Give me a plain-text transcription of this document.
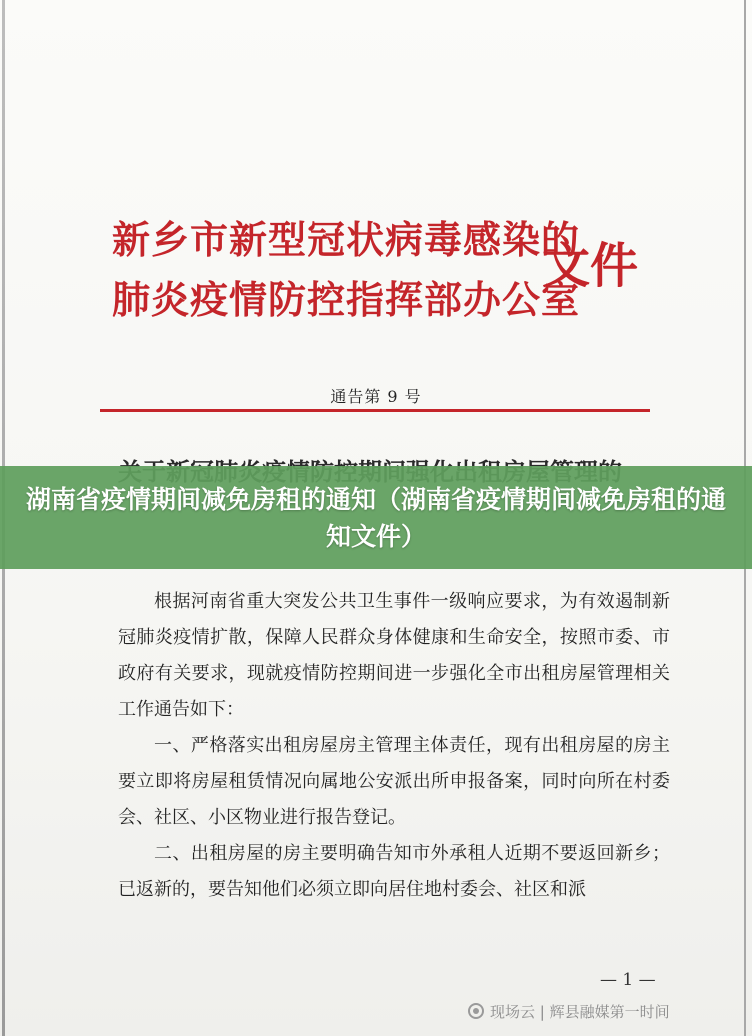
新乡市新型冠状病毒感染的
肺炎疫情防控指挥部办公室
文件
通告第 9 号
湖南省疫情期间减免房租的通知（湖南省疫情期间减免房租的通知文件）

根据河南省重大突发公共卫生事件一级响应要求，为有效遏制新冠肺炎疫情扩散，保障人民群众身体健康和生命安全，按照市委、市政府有关要求，现就疫情防控期间进一步强化全市出租房屋管理相关工作通告如下：

一、严格落实出租房屋房主管理主体责任，现有出租房屋的房主要立即将房屋租赁情况向属地公安派出所申报备案，同时向所在村委会、社区、小区物业进行报告登记。

二、出租房屋的房主要明确告知市外承租人近期不要返回新乡；已返新的，要告知他们必须立即向居住地村委会、社区和派

— 1 —
现场云 | 辉县融媒第一时间
